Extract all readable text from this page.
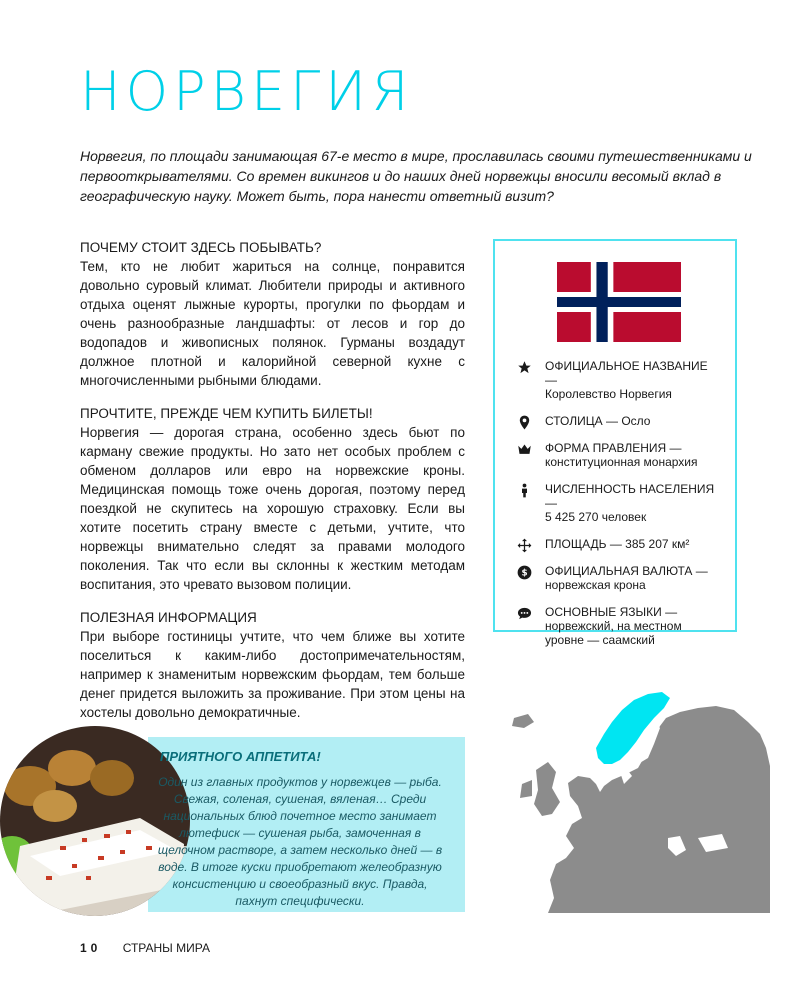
НОРВЕГИЯ

Норвегия, по площади занимающая 67-е место в мире, прославилась своими путешественниками и первооткрывателями. Со времен викингов и до наших дней норвежцы вносили весомый вклад в географическую науку. Может быть, пора нанести ответный визит?

ПОЧЕМУ СТОИТ ЗДЕСЬ ПОБЫВАТЬ?

Тем, кто не любит жариться на солнце, понравится довольно суровый климат. Любители природы и активного отдыха оценят лыжные курорты, прогулки по фьордам и очень разнообразные ландшафты: от лесов и гор до водопадов и живописных полянок. Гурманы воздадут должное плотной и калорийной северной кухне с многочисленными рыбными блюдами.

ПРОЧТИТЕ, ПРЕЖДЕ ЧЕМ КУПИТЬ БИЛЕТЫ!

Норвегия — дорогая страна, особенно здесь бьют по карману свежие продукты. Но зато нет особых проблем с обменом долларов или евро на норвежские кроны. Медицинская помощь тоже очень дорогая, поэтому перед поездкой не скупитесь на хорошую страховку. Если вы хотите посетить страну вместе с детьми, учтите, что норвежцы внимательно следят за правами молодого поколения. Так что если вы склонны к жестким методам воспитания, это чревато вызовом полиции.

ПОЛЕЗНАЯ ИНФОРМАЦИЯ

При выборе гостиницы учтите, что чем ближе вы хотите поселиться к каким-либо достопримечательностям, например к знаменитым норвежским фьордам, тем больше денег придется выложить за проживание. При этом цены на хостелы довольно демократичные.

ОФИЦИАЛЬНОЕ НАЗВАНИЕ —
Королевство Норвегия
СТОЛИЦА — Осло
ФОРМА ПРАВЛЕНИЯ — конституционная монархия
ЧИСЛЕННОСТЬ НАСЕЛЕНИЯ —
5 425 270 человек
ПЛОЩАДЬ — 385 207 км²
$ ОФИЦИАЛЬНАЯ ВАЛЮТА —
норвежская крона
ОСНОВНЫЕ ЯЗЫКИ — норвежский, на местном уровне — саамский
ПРИЯТНОГО АППЕТИТА!

Один из главных продуктов у норвежцев — рыба. Свежая, соленая, сушеная, вяленая… Среди национальных блюд почетное место занимает лютефиск — сушеная рыба, замоченная в щелочном растворе, а затем несколько дней — в воде. В итоге куски приобретают желеобразную консистенцию и своеобразный вкус. Правда, пахнут специфически.

10 СТРАНЫ МИРА
